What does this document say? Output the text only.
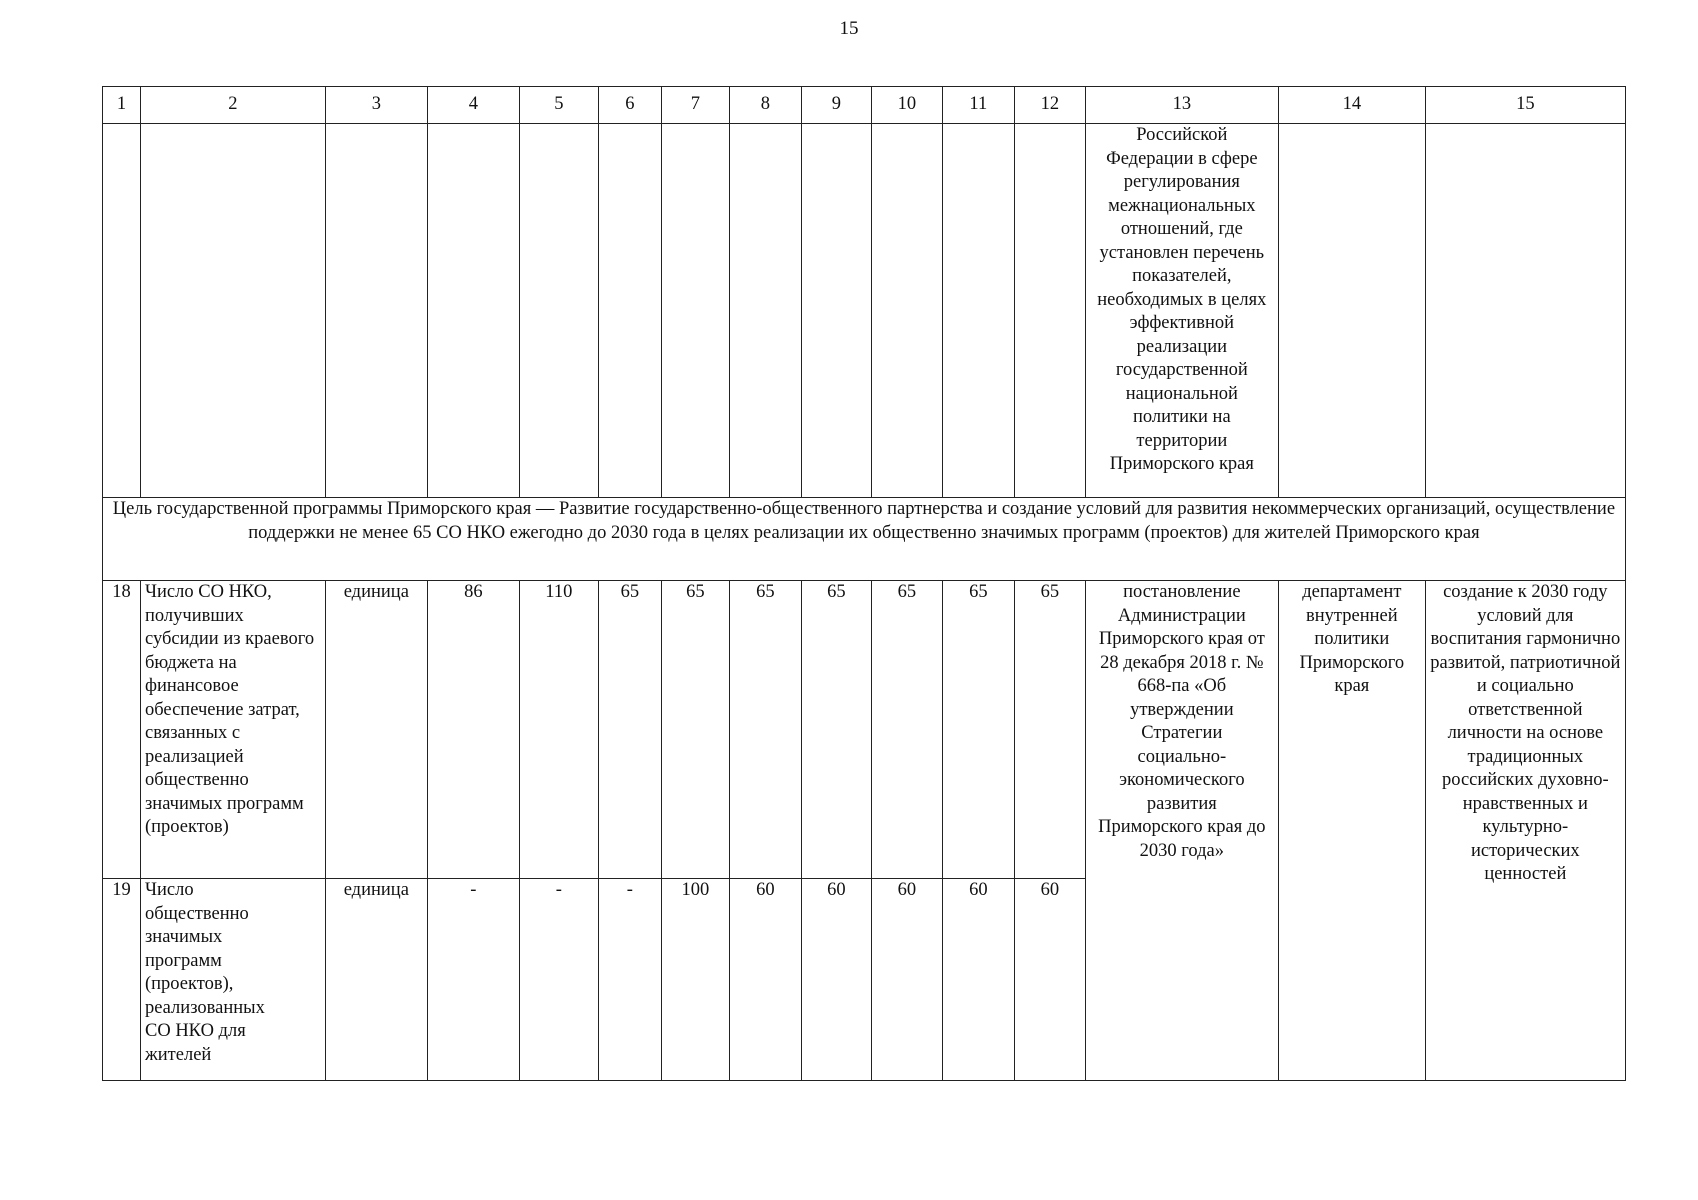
15
1	2	3	4	5	6	7	8	9	10	11	12	13	14	15
												Российской Федерации в сфере регулирования межнациональных отношений, где установлен перечень показателей, необходимых в целях эффективной реализации государственной национальной политики на территории Приморского края		
Цель государственной программы Приморского края — Развитие государственно-общественного партнерства и создание условий для развития некоммерческих организаций, осуществление поддержки не менее 65 СО НКО ежегодно до 2030 года в целях реализации их общественно значимых программ (проектов) для жителей Приморского края														
18	Число СО НКО, получивших субсидии из краевого бюджета на финансовое обеспечение затрат, связанных с реализацией общественно значимых программ (проектов)	единица	86	110	65	65	65	65	65	65	65	постановление Администрации Приморского края от 28 декабря 2018 г. № 668-па «Об утверждении Стратегии социально-экономического развития Приморского края до 2030 года»	департамент внутренней политики Приморского края	создание к 2030 году условий для воспитания гармонично развитой, патриотичной и социально ответственной личности на основе традиционных российских духовно-нравственных и культурно-исторических ценностей
19	Число общественно значимых программ (проектов), реализованных СО НКО для жителей	единица	-	-	-	100	60	60	60	60	60			
